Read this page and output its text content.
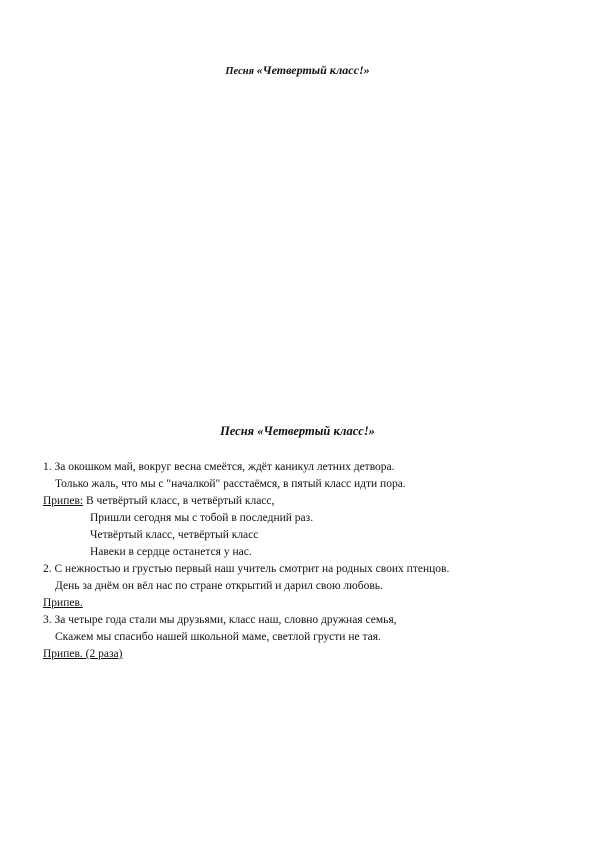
Песня «Четвертый класс!»
Песня «Четвертый класс!»
1. За окошком май, вокруг весна смеётся, ждёт каникул летних детвора.
Только жаль, что мы с "началкой" расстаёмся, в пятый класс идти пора.
Припев: В четвёртый класс, в четвёртый класс,
Пришли сегодня мы с тобой в последний раз.
Четвёртый класс, четвёртый класс
Навеки в сердце останется у нас.
2. С нежностью и грустью первый наш учитель смотрит на родных своих птенцов.
День за днём он вёл нас по стране открытий и дарил свою любовь.
Припев.
3. За четыре года стали мы друзьями, класс наш, словно дружная семья,
Скажем мы спасибо нашей школьной маме, светлой грусти не тая.
Припев. (2 раза)
